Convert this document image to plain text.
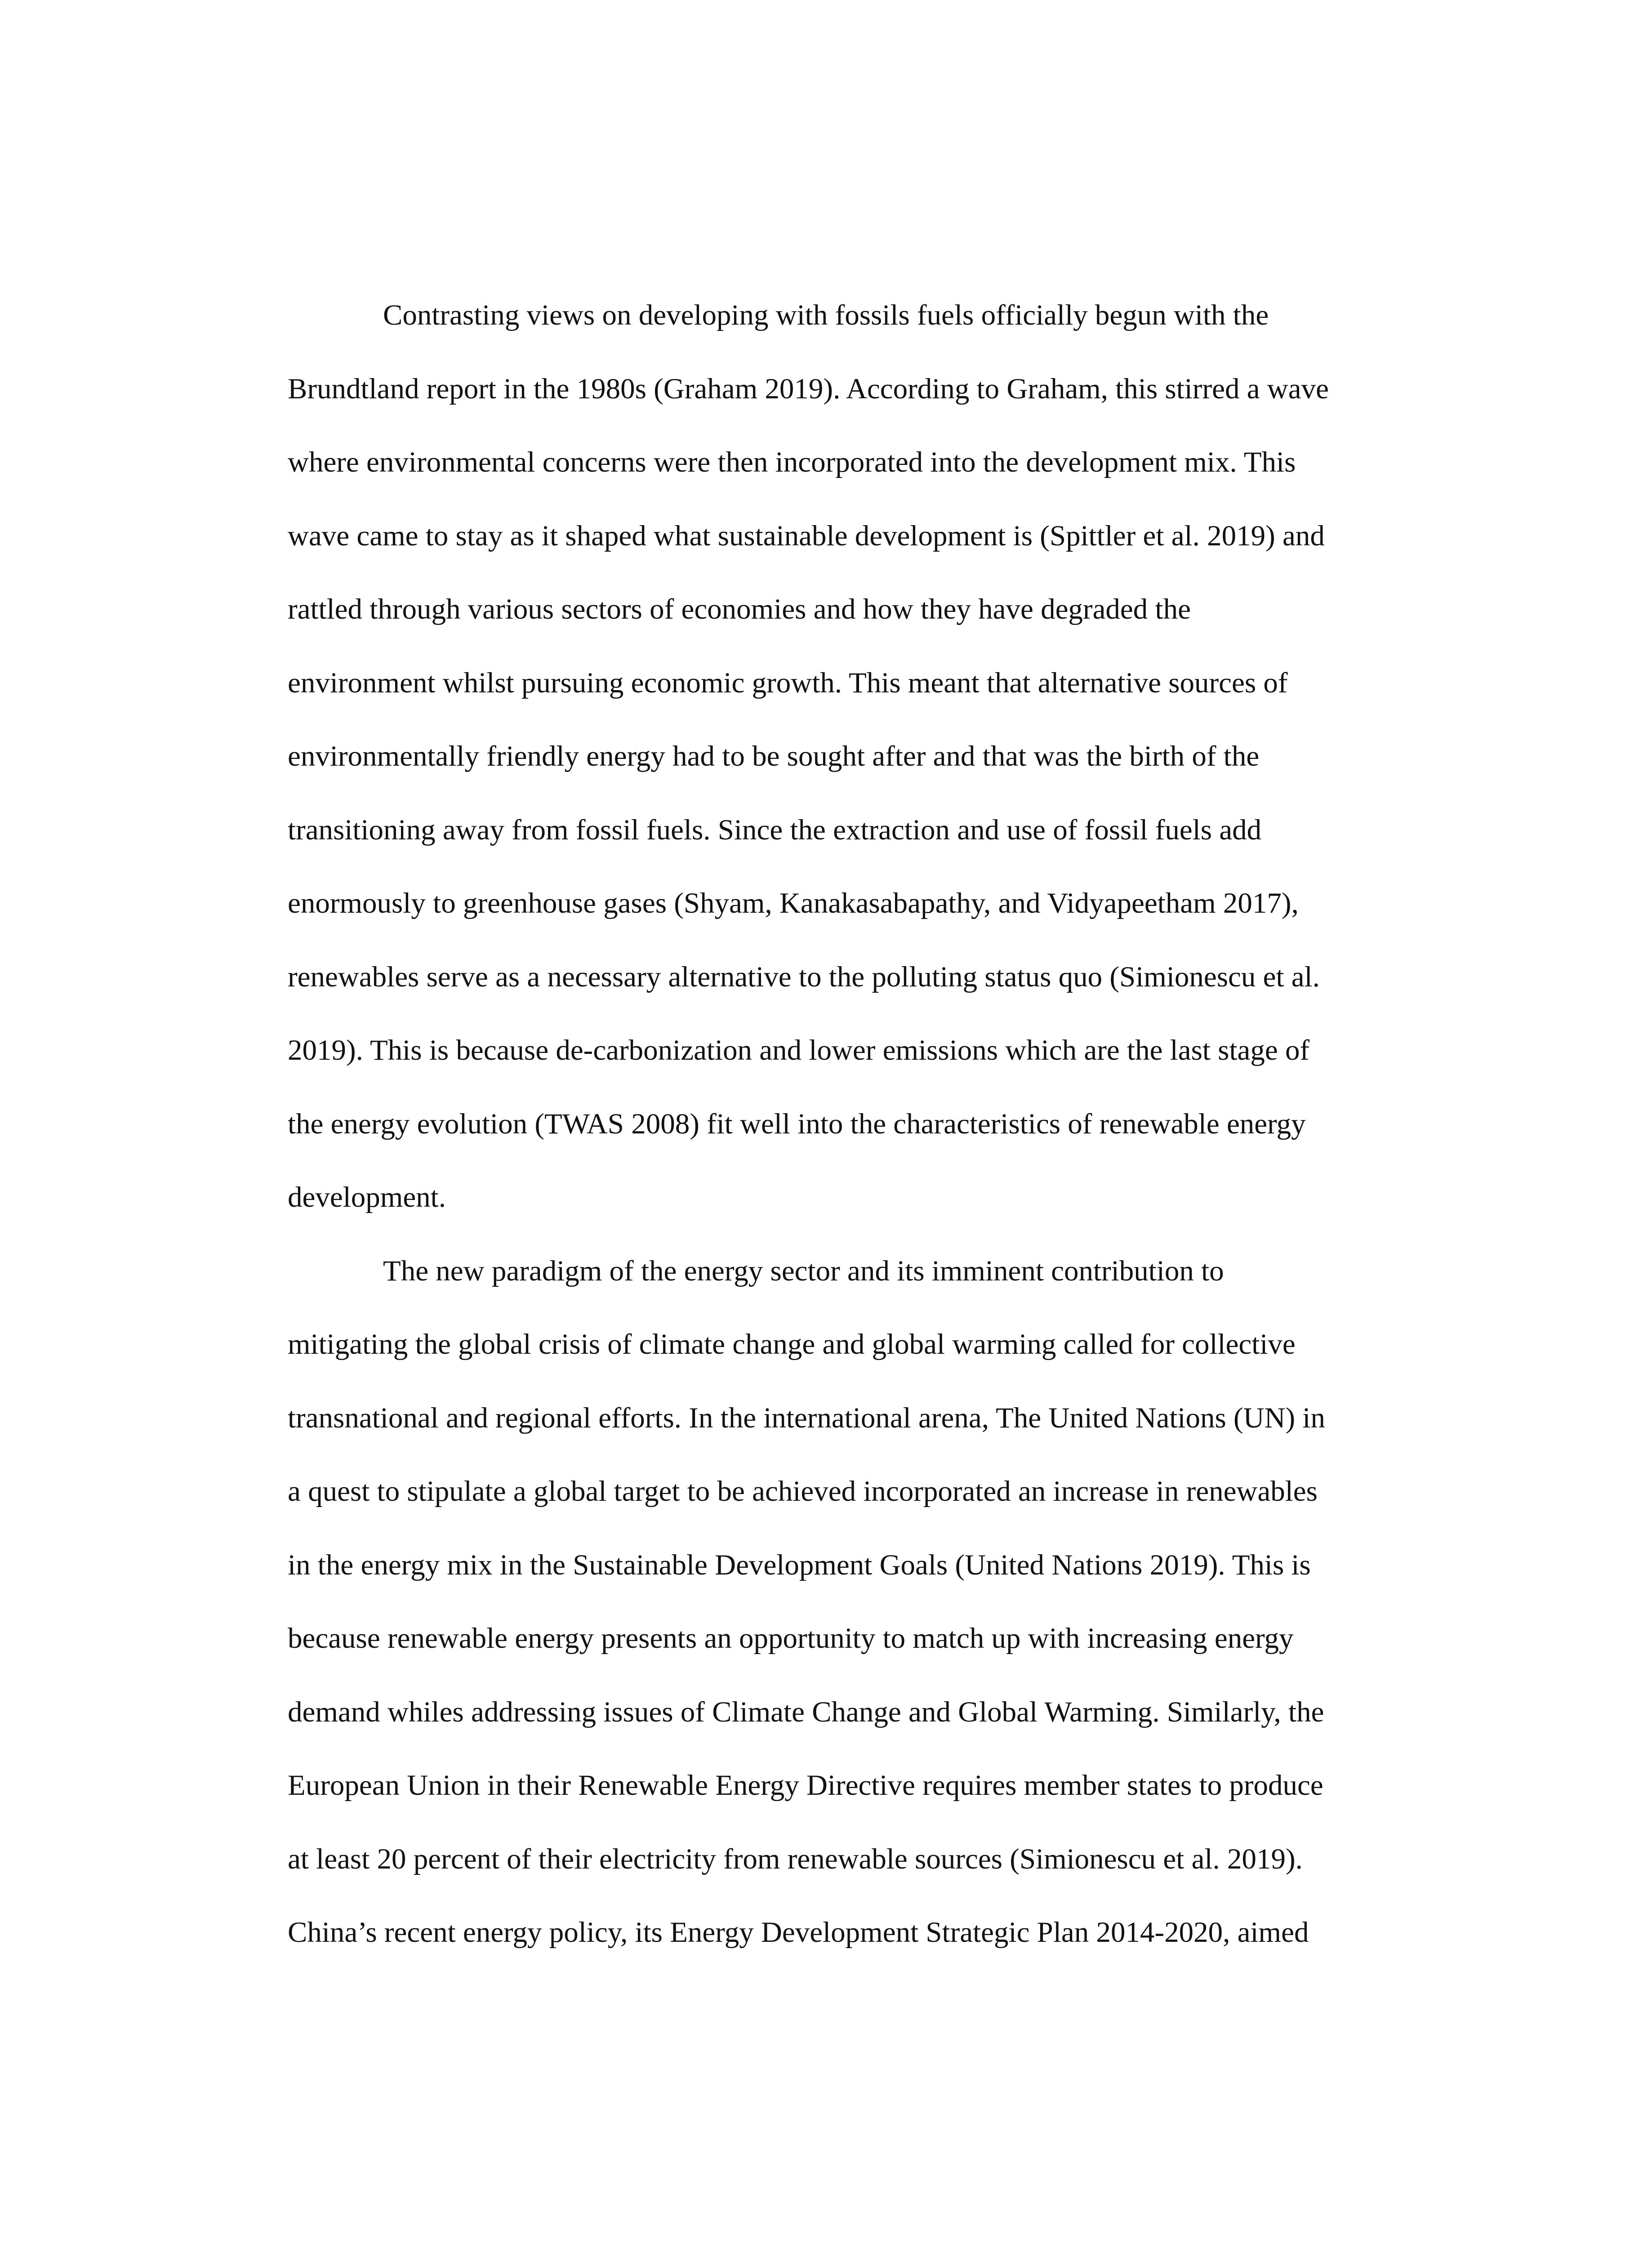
Contrasting views on developing with fossils fuels officially begun with the
Brundtland report in the 1980s (Graham 2019). According to Graham, this stirred a wave
where environmental concerns were then incorporated into the development mix. This
wave came to stay as it shaped what sustainable development is (Spittler et al. 2019) and
rattled through various sectors of economies and how they have degraded the
environment whilst pursuing economic growth. This meant that alternative sources of
environmentally friendly energy had to be sought after and that was the birth of the
transitioning away from fossil fuels. Since the extraction and use of fossil fuels add
enormously to greenhouse gases (Shyam, Kanakasabapathy, and Vidyapeetham 2017),
renewables serve as a necessary alternative to the polluting status quo (Simionescu et al.
2019). This is because de-carbonization and lower emissions which are the last stage of
the energy evolution (TWAS 2008) fit well into the characteristics of renewable energy
development.
The new paradigm of the energy sector and its imminent contribution to
mitigating the global crisis of climate change and global warming called for collective
transnational and regional efforts. In the international arena, The United Nations (UN) in
a quest to stipulate a global target to be achieved incorporated an increase in renewables
in the energy mix in the Sustainable Development Goals (United Nations 2019). This is
because renewable energy presents an opportunity to match up with increasing energy
demand whiles addressing issues of Climate Change and Global Warming. Similarly, the
European Union in their Renewable Energy Directive requires member states to produce
at least 20 percent of their electricity from renewable sources (Simionescu et al. 2019).
China’s recent energy policy, its Energy Development Strategic Plan 2014-2020, aimed
